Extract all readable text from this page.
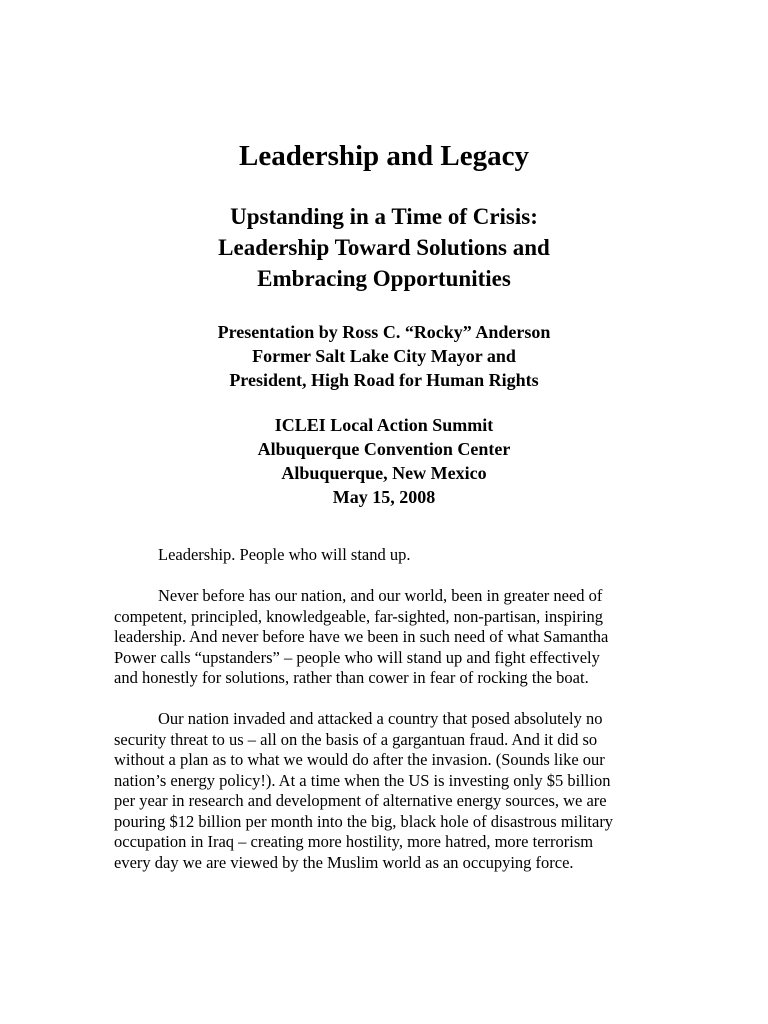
Leadership and Legacy
Upstanding in a Time of Crisis:
Leadership Toward Solutions and
Embracing Opportunities
Presentation by Ross C. “Rocky” Anderson
Former Salt Lake City Mayor and
President, High Road for Human Rights
ICLEI Local Action Summit
Albuquerque Convention Center
Albuquerque, New Mexico
May 15, 2008
Leadership. People who will stand up.
Never before has our nation, and our world, been in greater need of
competent, principled, knowledgeable, far-sighted, non-partisan, inspiring
leadership. And never before have we been in such need of what Samantha
Power calls “upstanders” – people who will stand up and fight effectively
and honestly for solutions, rather than cower in fear of rocking the boat.
Our nation invaded and attacked a country that posed absolutely no
security threat to us – all on the basis of a gargantuan fraud. And it did so
without a plan as to what we would do after the invasion. (Sounds like our
nation’s energy policy!). At a time when the US is investing only $5 billion
per year in research and development of alternative energy sources, we are
pouring $12 billion per month into the big, black hole of disastrous military
occupation in Iraq – creating more hostility, more hatred, more terrorism
every day we are viewed by the Muslim world as an occupying force.
